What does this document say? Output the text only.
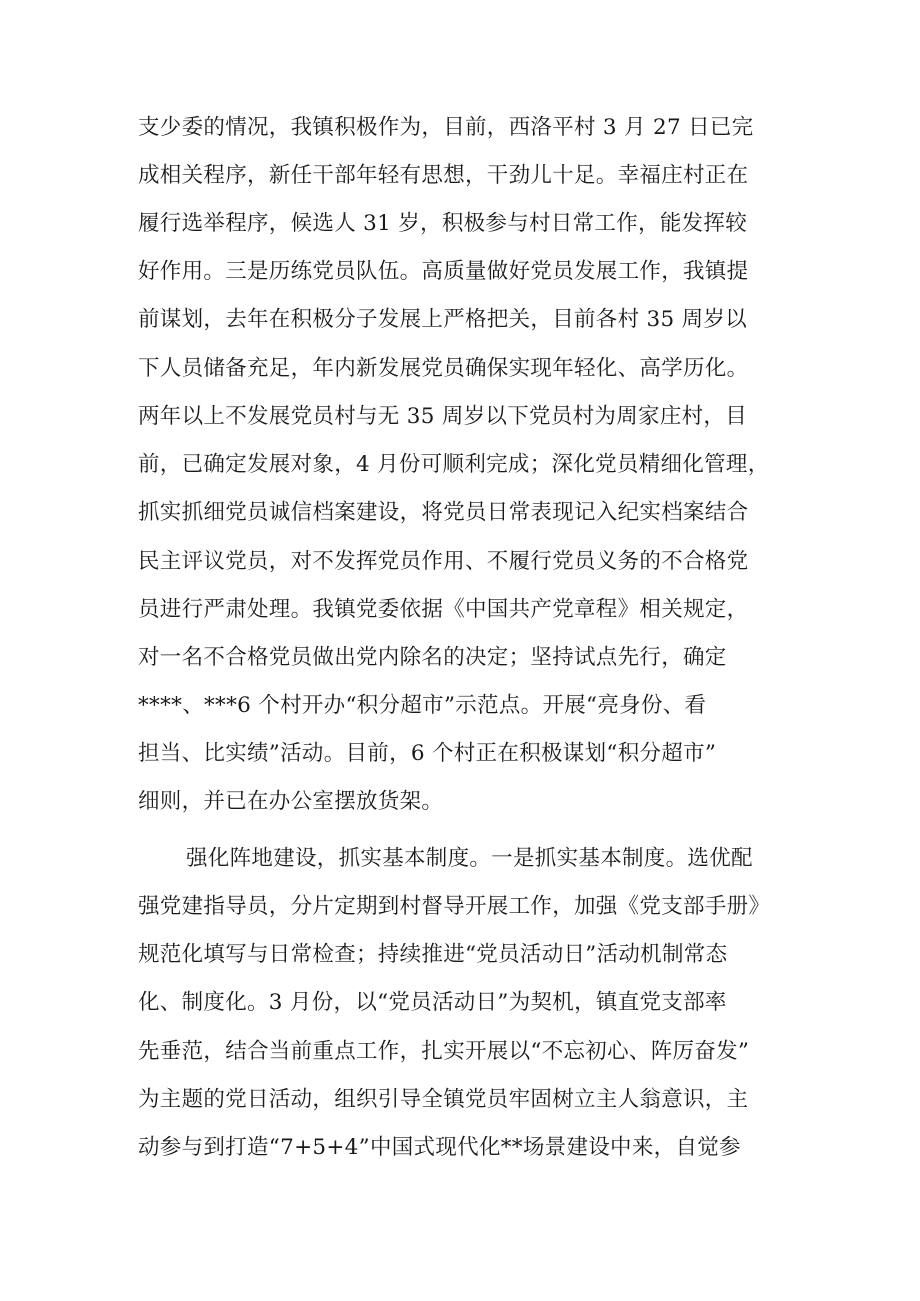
支少委的情况，我镇积极作为，目前，西洛平村 3 月 27 日已完
成相关程序，新任干部年轻有思想，干劲儿十足。幸福庄村正在
履行选举程序，候选人 31 岁，积极参与村日常工作，能发挥较
好作用。三是历练党员队伍。高质量做好党员发展工作，我镇提
前谋划，去年在积极分子发展上严格把关，目前各村 35 周岁以
下人员储备充足，年内新发展党员确保实现年轻化、高学历化。
两年以上不发展党员村与无 35 周岁以下党员村为周家庄村，目
前，已确定发展对象，4 月份可顺利完成；深化党员精细化管理，
抓实抓细党员诚信档案建设，将党员日常表现记入纪实档案结合
民主评议党员，对不发挥党员作用、不履行党员义务的不合格党
员进行严肃处理。我镇党委依据《中国共产党章程》相关规定，
对一名不合格党员做出党内除名的决定；坚持试点先行，确定
****、***6 个村开办“积分超市”示范点。开展“亮身份、看
担当、比实绩”活动。目前，6 个村正在积极谋划“积分超市”
细则，并已在办公室摆放货架。
强化阵地建设，抓实基本制度。一是抓实基本制度。选优配
强党建指导员，分片定期到村督导开展工作，加强《党支部手册》
规范化填写与日常检查；持续推进“党员活动日”活动机制常态
化、制度化。3 月份，以“党员活动日”为契机，镇直党支部率
先垂范，结合当前重点工作，扎实开展以“不忘初心、阵厉奋发”
为主题的党日活动，组织引导全镇党员牢固树立主人翁意识，主
动参与到打造“7+5+4”中国式现代化**场景建设中来，自觉参
